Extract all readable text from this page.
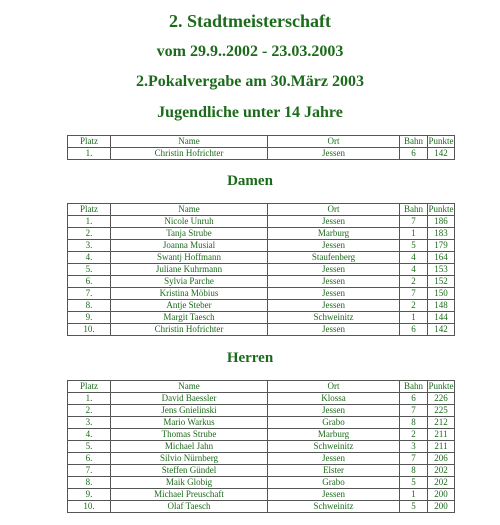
2. Stadtmeisterschaft
vom 29.9..2002 - 23.03.2003
2.Pokalvergabe am 30.März 2003
Jugendliche unter 14 Jahre
Platz	Name	Ort	Bahn	Punkte
1.	Christin Hofrichter	Jessen	6	142
Damen
Platz	Name	Ort	Bahn	Punkte
1.	Nicole Unruh	Jessen	7	186
2.	Tanja Strube	Marburg	1	183
3.	Joanna Musial	Jessen	5	179
4.	Swantj Hoffmann	Staufenberg	4	164
5.	Juliane Kuhrmann	Jessen	4	153
6.	Sylvia Parche	Jessen	2	152
7.	Kristina Möbius	Jessen	7	150
8.	Antje Steber	Jessen	2	148
9.	Margit Taesch	Schweinitz	1	144
10.	Christin Hofrichter	Jessen	6	142
Herren
Platz	Name	Ort	Bahn	Punkte
1.	David Baessler	Klossa	6	226
2.	Jens Gnielinski	Jessen	7	225
3.	Mario Warkus	Grabo	8	212
4.	Thomas Strube	Marburg	2	211
5.	Michael Jahn	Schweinitz	3	211
6.	Silvio Nürnberg	Jessen	7	206
7.	Steffen Gündel	Elster	8	202
8.	Maik Globig	Grabo	5	202
9.	Michael Preuschaft	Jessen	1	200
10.	Olaf Taesch	Schweinitz	5	200
